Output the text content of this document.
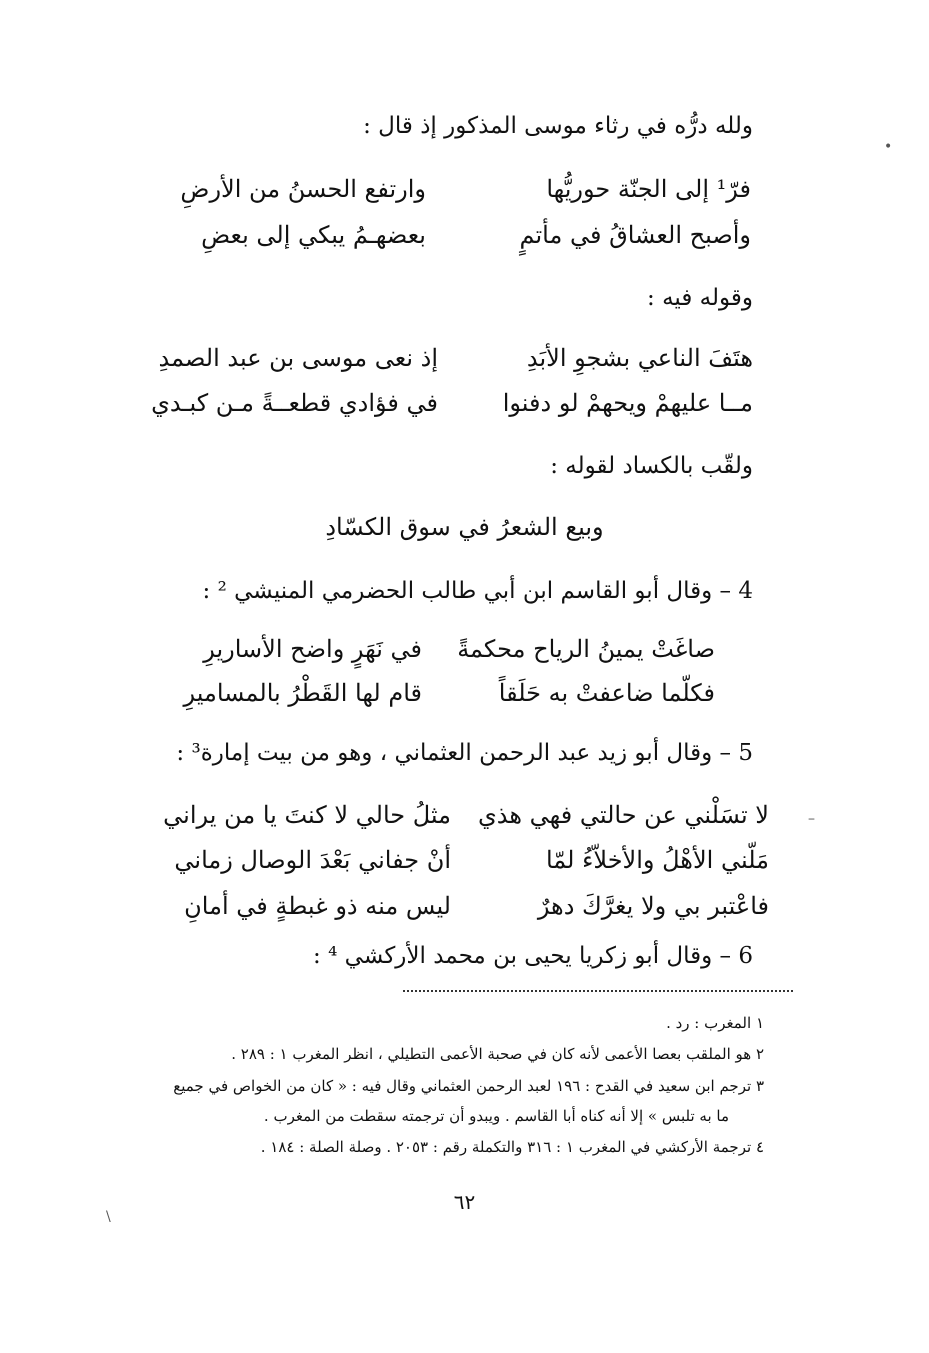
ولله درُّه في رثاء موسى المذكور إذ قال :
فرّ¹ إلى الجنّة حوريُّها
وارتفع الحسنُ من الأرضِ
وأصبح العشاقُ في مأتمٍ
بعضهـمُ يبكي إلى بعضِ
وقوله فيه :
هتَفَ الناعي بشجوِ الأبَدِ
إذ نعى موسى بن عبد الصمدِ
مــا عليهمْ ويحهمْ لو دفنوا
في فؤادي قطعــةً مـن كبـدي
ولقّب بالكساد لقوله :
وبيع الشعرُ في سوق الكسّادِ
4 – وقال أبو القاسم ابن أبي طالب الحضرمي المنيشي ² :
صاغَتْ يمينُ الرياح محكمةً
في نَهَرٍ واضح الأساريرِ
فكلّما ضاعفتْ به حَلَقاً
قام لها القَطْرُ بالمساميرِ
5 – وقال أبو زيد عبد الرحمن العثماني ، وهو من بيت إمارة³ :
لا تسَلْني عن حالتي فهي هذي
مثلُ حالي لا كنتَ يا من يراني
مَلّني الأهْلُ والأخلاّءُ لمّا
أنْ جفاني بَعْدَ الوصال زماني
فاعْتبر بي ولا يغرَّكَ دهرٌ
ليس منه ذو غبطةٍ في أمانِ
6 – وقال أبو زكريا يحيى بن محمد الأركشي ⁴ :
١ المغرب : رد .
٢ هو الملقب بعصا الأعمى لأنه كان في صحبة الأعمى التطيلي ، انظر المغرب ١ : ٢٨٩ .
٣ ترجم ابن سعيد في القدح : ١٩٦ لعبد الرحمن العثماني وقال فيه : « كان من الخواص في جميع
ما به تلبس » إلا أنه كناه أبا القاسم . ويبدو أن ترجمته سقطت من المغرب .
٤ ترجمة الأركشي في المغرب ١ : ٣١٦ والتكملة رقم : ٢٠٥٣ . وصلة الصلة : ١٨٤ .
٦٢
•
–
\
